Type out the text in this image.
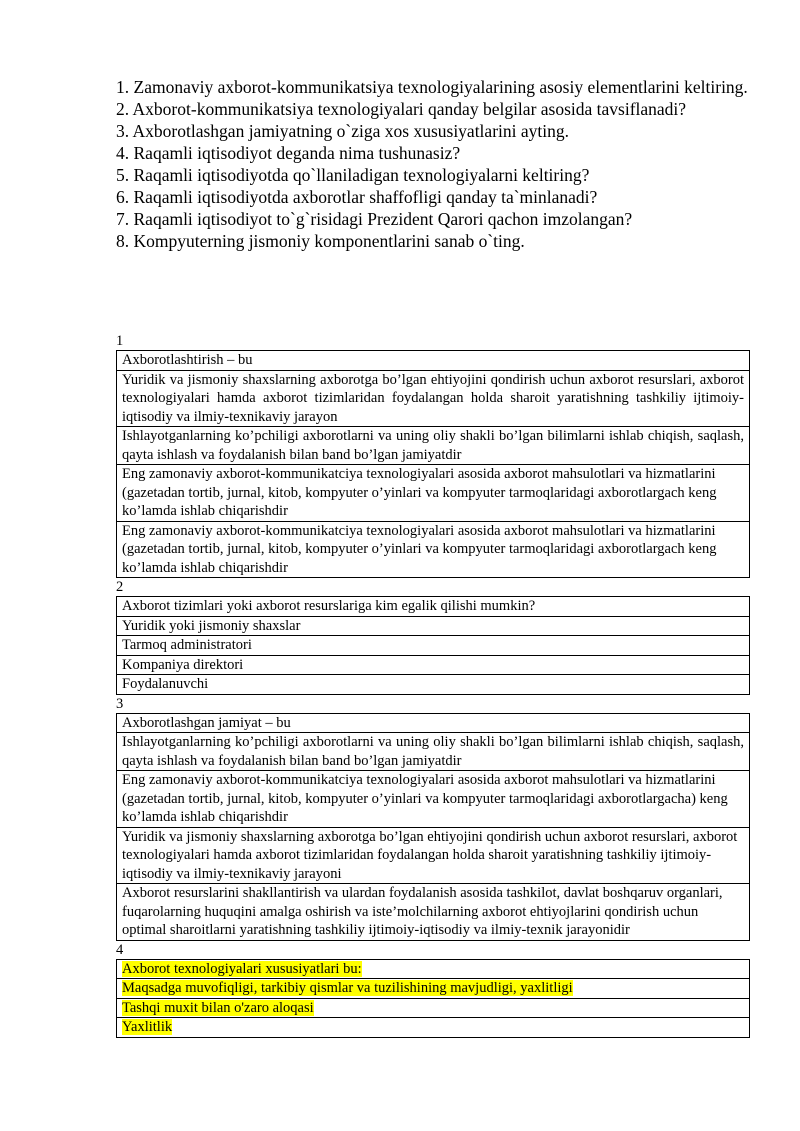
1. Zamonaviy axborot-kommunikatsiya texnologiyalarining asosiy elementlarini keltiring.
2. Axborot-kommunikatsiya texnologiyalari qanday belgilar asosida tavsiflanadi?
3. Axborotlashgan jamiyatning o`ziga xos xususiyatlarini ayting.
4. Raqamli iqtisodiyot deganda nima tushunasiz?
5. Raqamli iqtisodiyotda qo`llaniladigan texnologiyalarni keltiring?
6. Raqamli iqtisodiyotda axborotlar shaffofligi qanday ta`minlanadi?
7. Raqamli iqtisodiyot to`g`risidagi Prezident Qarori qachon imzolangan?
8. Kompyuterning jismoniy komponentlarini sanab o`ting.
1
Axborotlashtirish – bu
Yuridik va jismoniy shaxslarning axborotga bo’lgan ehtiyojini qondirish uchun axborot resurslari, axborot texnologiyalari hamda axborot tizimlaridan foydalangan holda sharoit yaratishning tashkiliy ijtimoiy-iqtisodiy va ilmiy-texnikaviy jarayon
Ishlayotganlarning ko’pchiligi axborotlarni va uning oliy shakli bo’lgan bilimlarni ishlab chiqish, saqlash, qayta ishlash va foydalanish bilan band bo’lgan jamiyatdir
Eng zamonaviy axborot-kommunikatciya texnologiyalari asosida axborot mahsulotlari va hizmatlarini (gazetadan tortib, jurnal, kitob, kompyuter o’yinlari va kompyuter tarmoqlaridagi axborotlargach keng ko’lamda ishlab chiqarishdir
Eng zamonaviy axborot-kommunikatciya texnologiyalari asosida axborot mahsulotlari va hizmatlarini (gazetadan tortib, jurnal, kitob, kompyuter o’yinlari va kompyuter tarmoqlaridagi axborotlargach keng ko’lamda ishlab chiqarishdir
2
Axborot tizimlari yoki axborot resurslariga kim egalik qilishi mumkin?
Yuridik yoki jismoniy shaxslar
Tarmoq administratori
Kompaniya direktori
Foydalanuvchi
3
Axborotlashgan jamiyat – bu
Ishlayotganlarning ko’pchiligi axborotlarni va uning oliy shakli bo’lgan bilimlarni ishlab chiqish, saqlash, qayta ishlash va foydalanish bilan band bo’lgan jamiyatdir
Eng zamonaviy axborot-kommunikatciya texnologiyalari asosida axborot mahsulotlari va hizmatlarini (gazetadan tortib, jurnal, kitob, kompyuter o’yinlari va kompyuter tarmoqlaridagi axborotlargacha) keng ko’lamda ishlab chiqarishdir
Yuridik va jismoniy shaxslarning axborotga bo’lgan ehtiyojini qondirish uchun axborot resurslari, axborot texnologiyalari hamda axborot tizimlaridan foydalangan holda sharoit yaratishning tashkiliy ijtimoiy-iqtisodiy va ilmiy-texnikaviy jarayoni
Axborot resurslarini shakllantirish va ulardan foydalanish asosida tashkilot, davlat boshqaruv organlari, fuqarolarning huquqini amalga oshirish va iste’molchilarning axborot ehtiyojlarini qondirish uchun optimal sharoitlarni yaratishning tashkiliy ijtimoiy-iqtisodiy va ilmiy-texnik jarayonidir
4
Axborot texnologiyalari xususiyatlari bu:
Maqsadga muvofiqligi, tarkibiy qismlar va tuzilishining mavjudligi, yaxlitligi
Tashqi muxit bilan o'zaro aloqasi
Yaxlitlik
